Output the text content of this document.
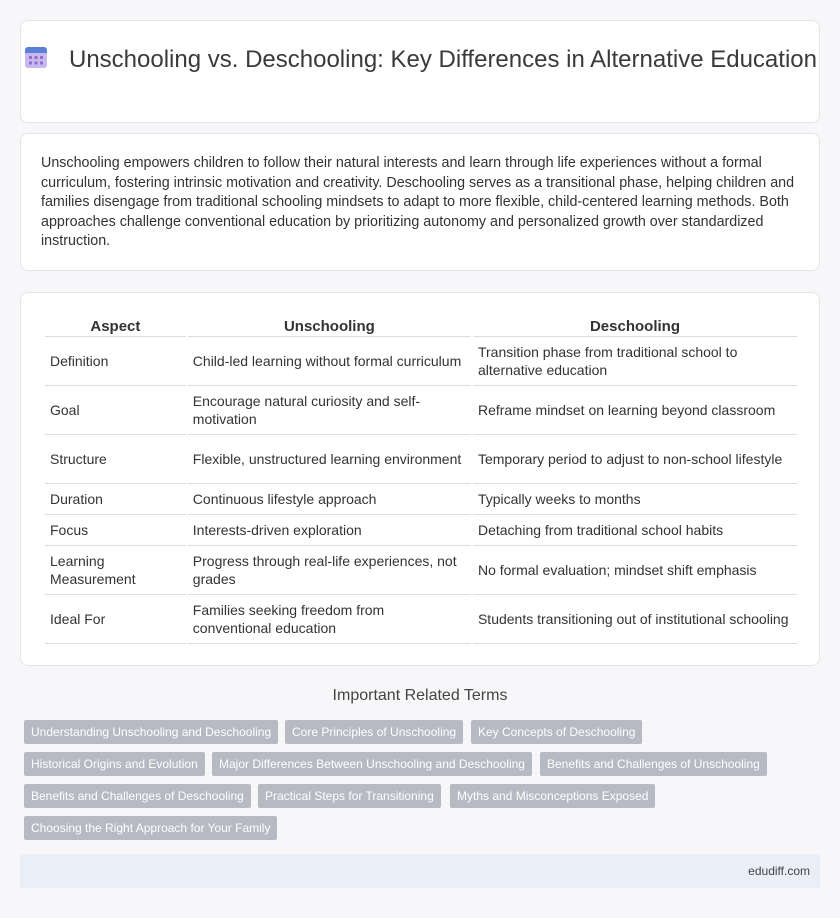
Unschooling vs. Deschooling: Key Differences in Alternative Education

Unschooling empowers children to follow their natural interests and learn through life experiences without a formal curriculum, fostering intrinsic motivation and creativity. Deschooling serves as a transitional phase, helping children and families disengage from traditional schooling mindsets to adapt to more flexible, child-centered learning methods. Both approaches challenge conventional education by prioritizing autonomy and personalized growth over standardized instruction.

Aspect	Unschooling	Deschooling
Definition	Child-led learning without formal curriculum	Transition phase from traditional school to alternative education
Goal	Encourage natural curiosity and self-motivation	Reframe mindset on learning beyond classroom
Structure	Flexible, unstructured learning environment	Temporary period to adjust to non-school lifestyle
Duration	Continuous lifestyle approach	Typically weeks to months
Focus	Interests-driven exploration	Detaching from traditional school habits
Learning Measurement	Progress through real-life experiences, not grades	No formal evaluation; mindset shift emphasis
Ideal For	Families seeking freedom from conventional education	Students transitioning out of institutional schooling
Important Related Terms
Understanding Unschooling and Deschooling	Core Principles of Unschooling	Key Concepts of Deschooling
Historical Origins and Evolution	Major Differences Between Unschooling and Deschooling	Benefits and Challenges of Unschooling
Benefits and Challenges of Deschooling	Practical Steps for Transitioning	Myths and Misconceptions Exposed
Choosing the Right Approach for Your Family
edudiff.com
